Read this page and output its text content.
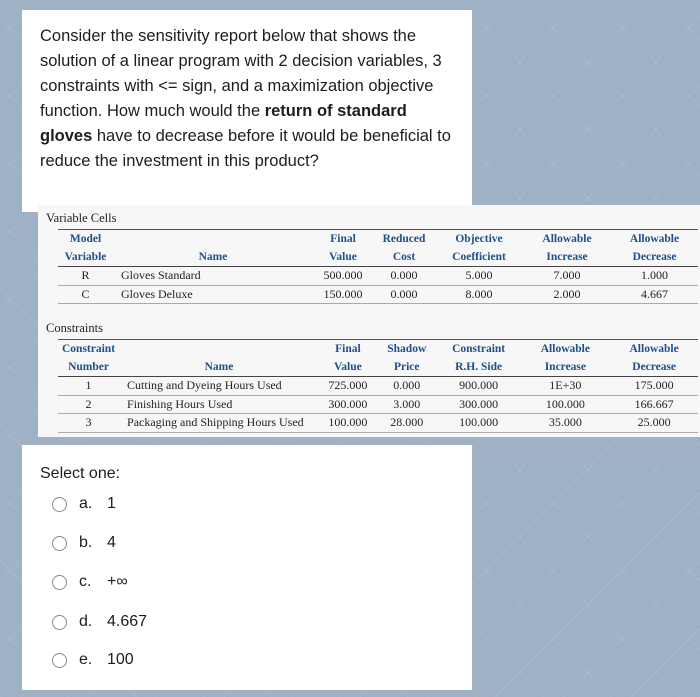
Consider the sensitivity report below that shows the solution of a linear program with 2 decision variables, 3 constraints with <= sign, and a maximization objective function. How much would the return of standard gloves have to decrease before it would be beneficial to reduce the investment in this product?

Variable Cells
Model		Final	Reduced	Objective	Allowable	Allowable
Variable	Name	Value	Cost	Coefficient	Increase	Decrease
R	Gloves Standard	500.000	0.000	5.000	7.000	1.000
C	Gloves Deluxe	150.000	0.000	8.000	2.000	4.667
Constraints
Constraint		Final	Shadow	Constraint	Allowable	Allowable
Number	Name	Value	Price	R.H. Side	Increase	Decrease
1	Cutting and Dyeing Hours Used	725.000	0.000	900.000	1E+30	175.000
2	Finishing Hours Used	300.000	3.000	300.000	100.000	166.667
3	Packaging and Shipping Hours Used	100.000	28.000	100.000	35.000	25.000
Select one:
a. 1
b. 4
c. +∞
d. 4.667
e. 100
